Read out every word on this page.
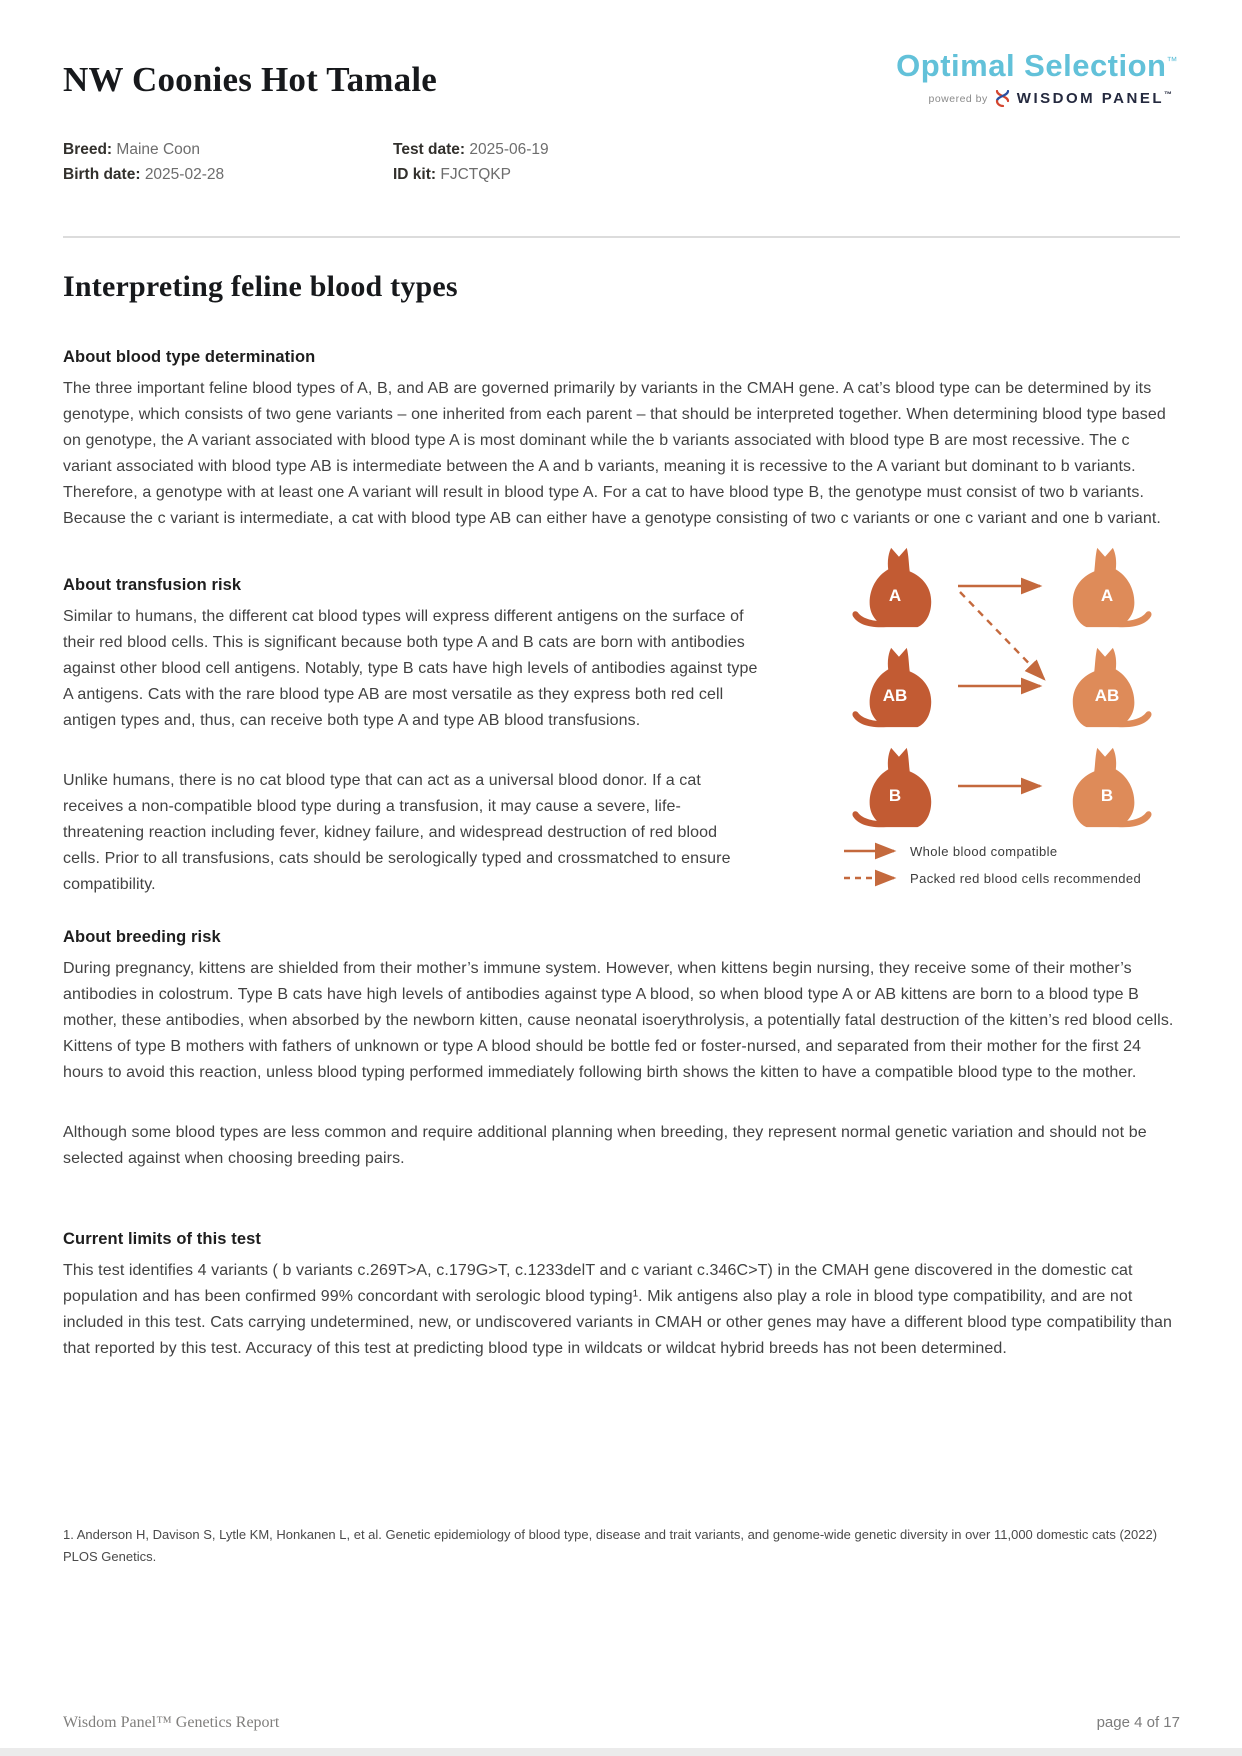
NW Coonies Hot Tamale	Optimal Selection™
powered by WISDOM PANEL™
Breed: Maine Coon	Test date: 2025-06-19
Birth date: 2025-02-28	ID kit: FJCTQKP
Interpreting feline blood types
About blood type determination

The three important feline blood types of A, B, and AB are governed primarily by variants in the CMAH gene. A cat’s blood type can be determined by its genotype, which consists of two gene variants – one inherited from each parent – that should be interpreted together. When determining blood type based on genotype, the A variant associated with blood type A is most dominant while the b variants associated with blood type B are most recessive. The c variant associated with blood type AB is intermediate between the A and b variants, meaning it is recessive to the A variant but dominant to b variants. Therefore, a genotype with at least one A variant will result in blood type A. For a cat to have blood type B, the genotype must consist of two b variants. Because the c variant is intermediate, a cat with blood type AB can either have a genotype consisting of two c variants or one c variant and one b variant.

About transfusion risk

Similar to humans, the different cat blood types will express different antigens on the surface of their red blood cells. This is significant because both type A and B cats are born with antibodies against other blood cell antigens. Notably, type B cats have high levels of antibodies against type A antigens. Cats with the rare blood type AB are most versatile as they express both red cell antigen types and, thus, can receive both type A and type AB blood transfusions.

Unlike humans, there is no cat blood type that can act as a universal blood donor. If a cat receives a non-compatible blood type during a transfusion, it may cause a severe, life-threatening reaction including fever, kidney failure, and widespread destruction of red blood cells. Prior to all transfusions, cats should be serologically typed and crossmatched to ensure compatibility.

A	A
AB	AB
B	B
Whole blood compatible
Packed red blood cells recommended
About breeding risk

During pregnancy, kittens are shielded from their mother’s immune system. However, when kittens begin nursing, they receive some of their mother’s antibodies in colostrum. Type B cats have high levels of antibodies against type A blood, so when blood type A or AB kittens are born to a blood type B mother, these antibodies, when absorbed by the newborn kitten, cause neonatal isoerythrolysis, a potentially fatal destruction of the kitten’s red blood cells. Kittens of type B mothers with fathers of unknown or type A blood should be bottle fed or foster-nursed, and separated from their mother for the first 24 hours to avoid this reaction, unless blood typing performed immediately following birth shows the kitten to have a compatible blood type to the mother.

Although some blood types are less common and require additional planning when breeding, they represent normal genetic variation and should not be selected against when choosing breeding pairs.

Current limits of this test

This test identifies 4 variants ( b variants c.269T>A, c.179G>T, c.1233delT and c variant c.346C>T) in the CMAH gene discovered in the domestic cat population and has been confirmed 99% concordant with serologic blood typing¹. Mik antigens also play a role in blood type compatibility, and are not included in this test. Cats carrying undetermined, new, or undiscovered variants in CMAH or other genes may have a different blood type compatibility than that reported by this test. Accuracy of this test at predicting blood type in wildcats or wildcat hybrid breeds has not been determined.

1. Anderson H, Davison S, Lytle KM, Honkanen L, et al. Genetic epidemiology of blood type, disease and trait variants, and genome-wide genetic diversity in over 11,000 domestic cats (2022) PLOS Genetics.

Wisdom Panel™ Genetics Report	page 4 of 17
